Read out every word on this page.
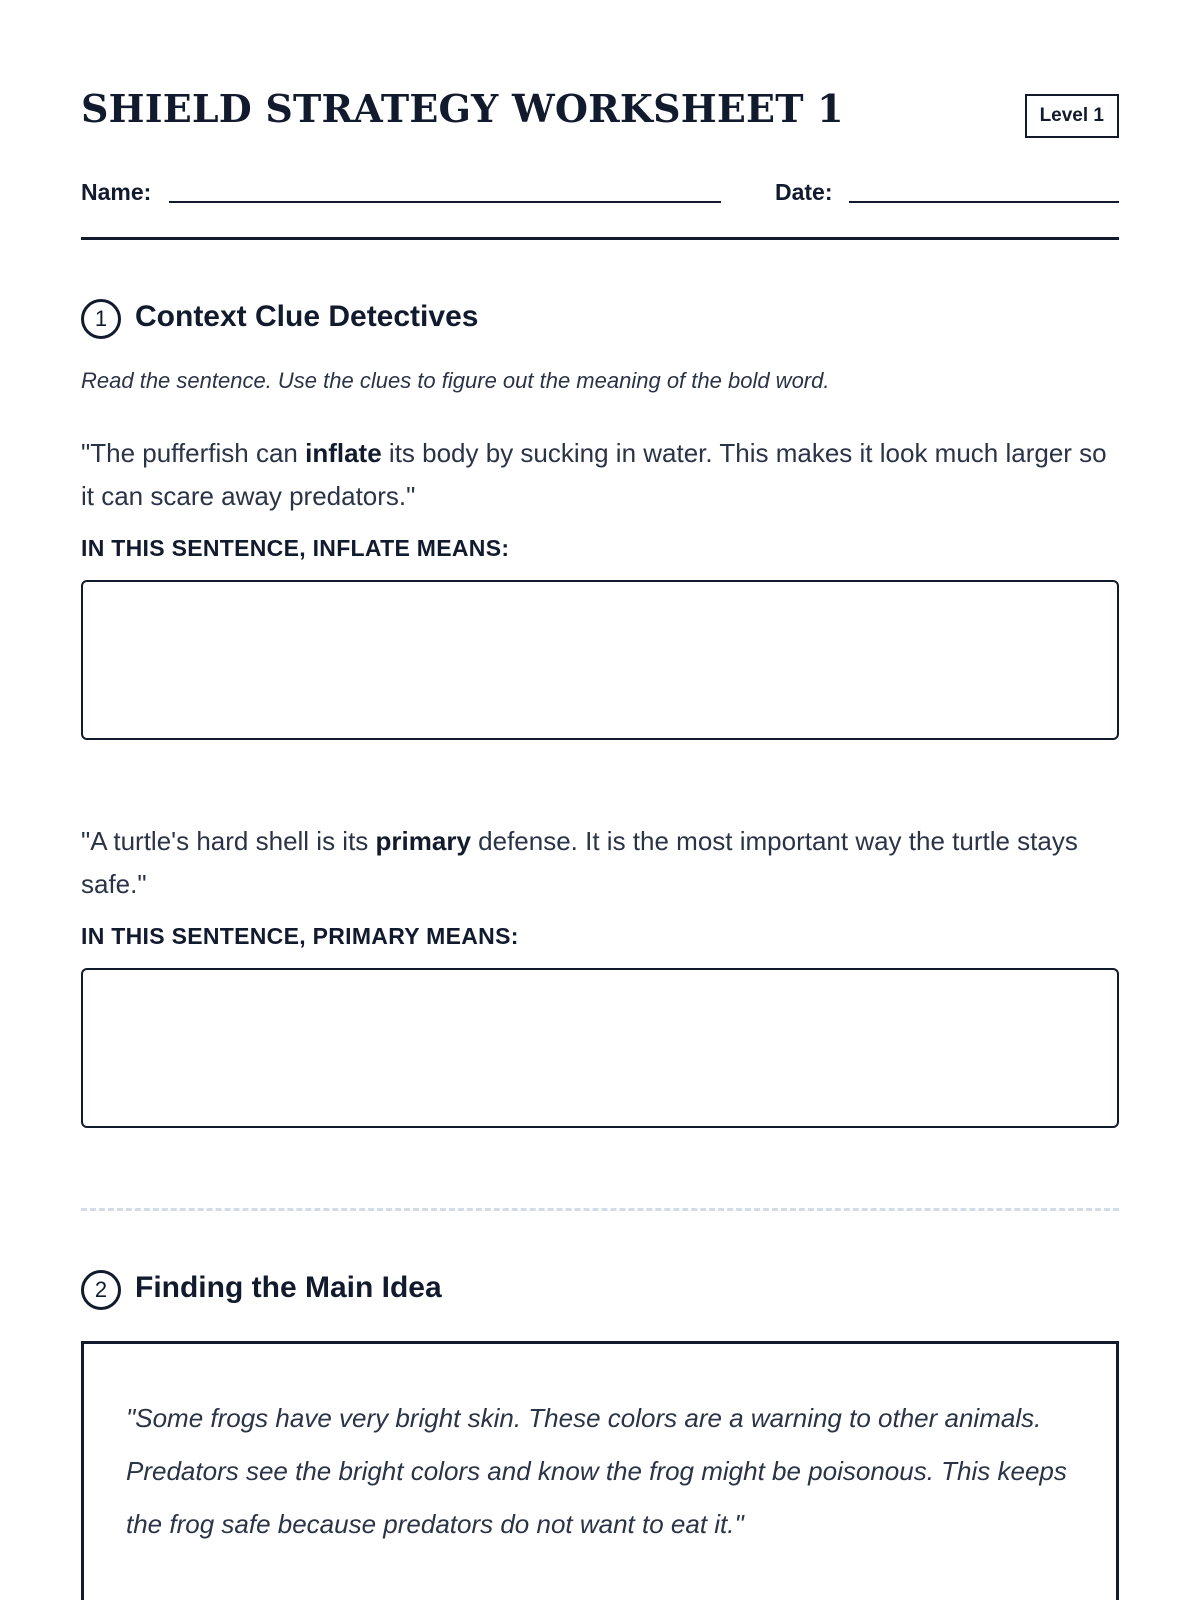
SHIELD STRATEGY WORKSHEET 1	Level 1
Name:	Date:
1 Context Clue Detectives

Read the sentence. Use the clues to figure out the meaning of the bold word.

"The pufferfish can inflate its body by sucking in water. This makes it look much larger so it can scare away predators."

IN THIS SENTENCE, INFLATE MEANS:

"A turtle's hard shell is its primary defense. It is the most important way the turtle stays safe."

IN THIS SENTENCE, PRIMARY MEANS:
2 Finding the Main Idea

"Some frogs have very bright skin. These colors are a warning to other animals. Predators see the bright colors and know the frog might be poisonous. This keeps the frog safe because predators do not want to eat it."
